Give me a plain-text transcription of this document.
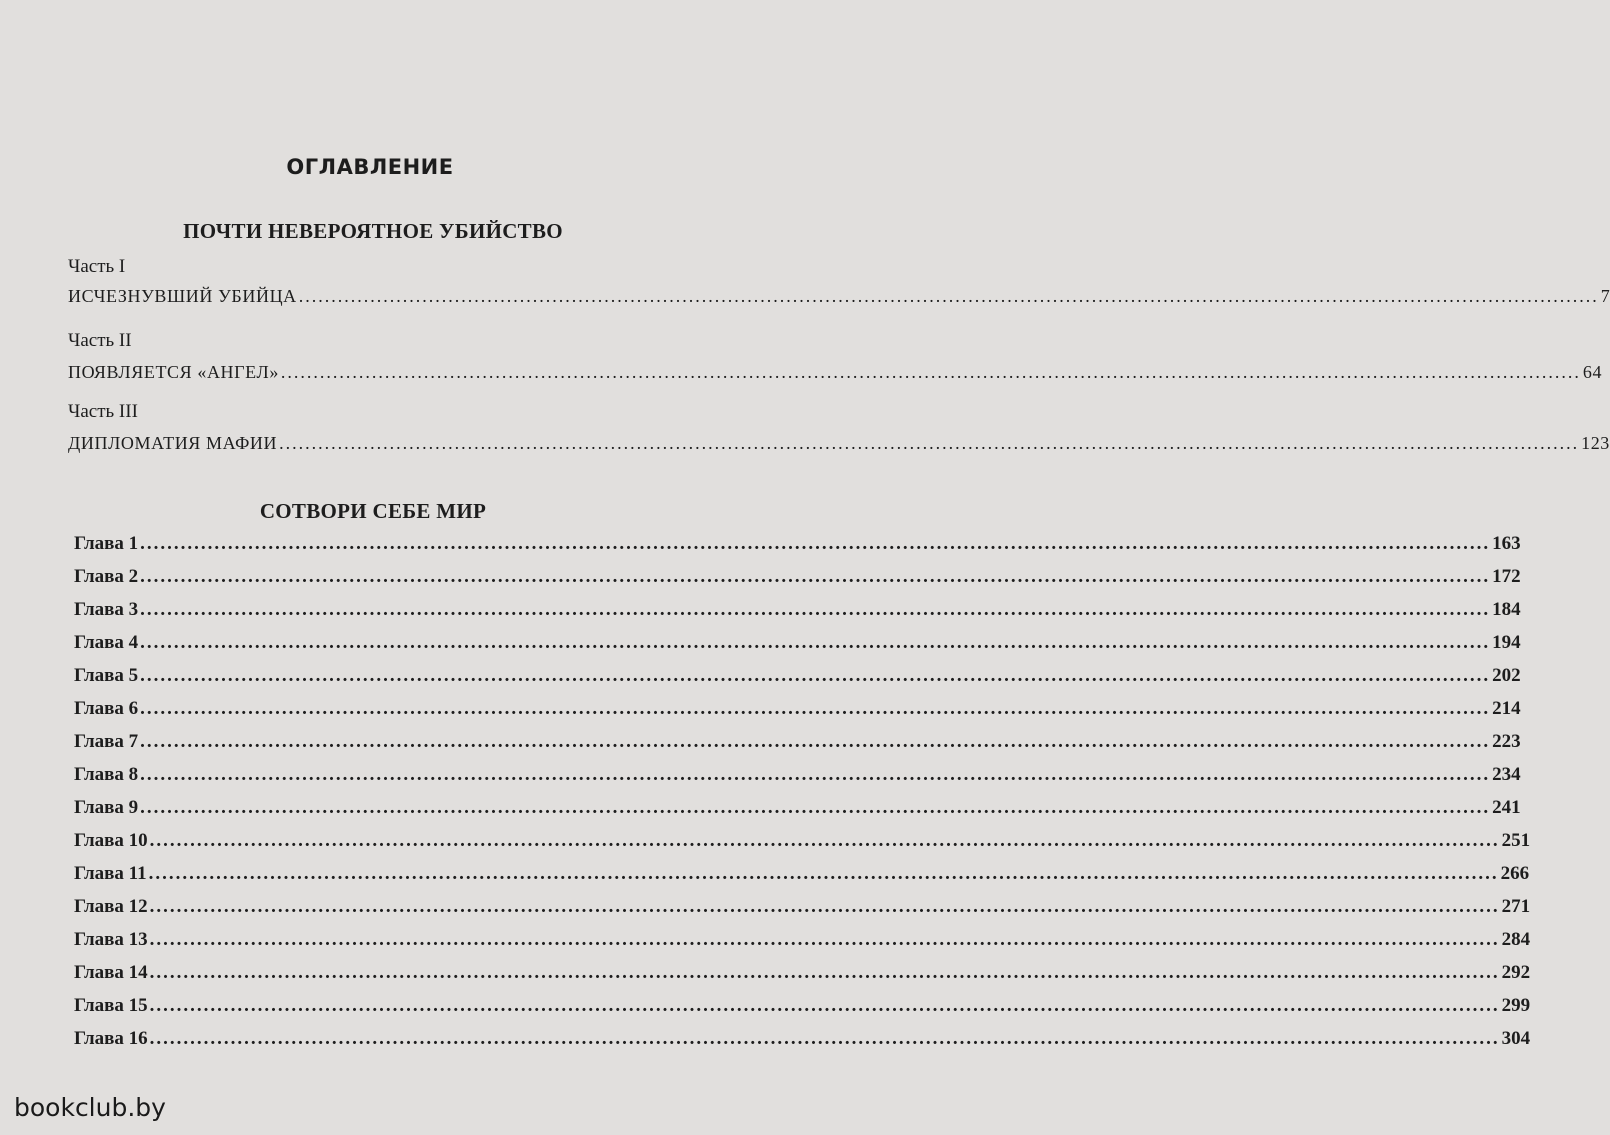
ОГЛАВЛЕНИЕ
ПОЧТИ НЕВЕРОЯТНОЕ УБИЙСТВО
Часть I
ИСЧЕЗНУВШИЙ УБИЙЦА ........................................................................................................................................................................................................ 7
Часть II
ПОЯВЛЯЕТСЯ «АНГЕЛ» ........................................................................................................................................................................................................ 64
Часть III
ДИПЛОМАТИЯ МАФИИ ........................................................................................................................................................................................................ 123
СОТВОРИ СЕБЕ МИР
Глава 1 ........................................................................................................................................................................................................ 163
Глава 2 ........................................................................................................................................................................................................ 172
Глава 3 ........................................................................................................................................................................................................ 184
Глава 4 ........................................................................................................................................................................................................ 194
Глава 5 ........................................................................................................................................................................................................ 202
Глава 6 ........................................................................................................................................................................................................ 214
Глава 7 ........................................................................................................................................................................................................ 223
Глава 8 ........................................................................................................................................................................................................ 234
Глава 9 ........................................................................................................................................................................................................ 241
Глава 10 ........................................................................................................................................................................................................ 251
Глава 11 ........................................................................................................................................................................................................ 266
Глава 12 ........................................................................................................................................................................................................ 271
Глава 13 ........................................................................................................................................................................................................ 284
Глава 14 ........................................................................................................................................................................................................ 292
Глава 15 ........................................................................................................................................................................................................ 299
Глава 16 ........................................................................................................................................................................................................ 304
bookclub.by
